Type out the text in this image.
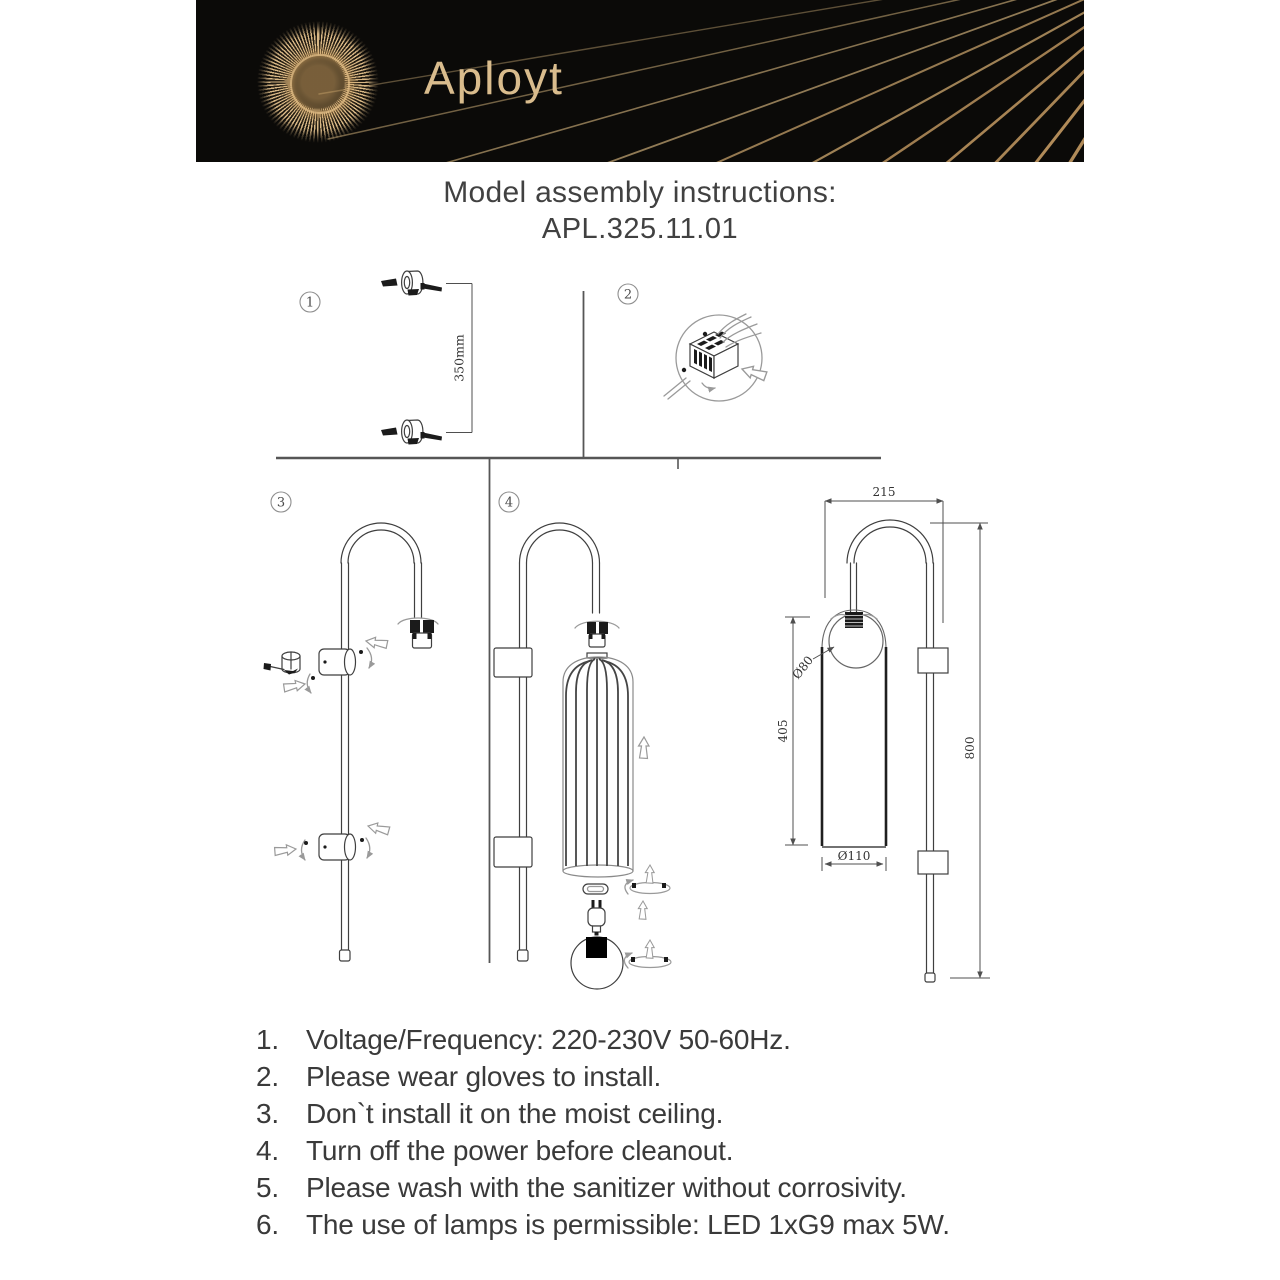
Aployt
Model assembly instructions:
APL.325.11.01
1
350mm
2
3	4
215
800
405
Ø80
Ø110
1. Voltage/Frequency: 220-230V 50-60Hz.
2. Please wear gloves to install.
3. Don`t install it on the moist ceiling.
4. Turn off the power before cleanout.
5. Please wash with the sanitizer without corrosivity.
6. The use of lamps is permissible: LED 1xG9 max 5W.
